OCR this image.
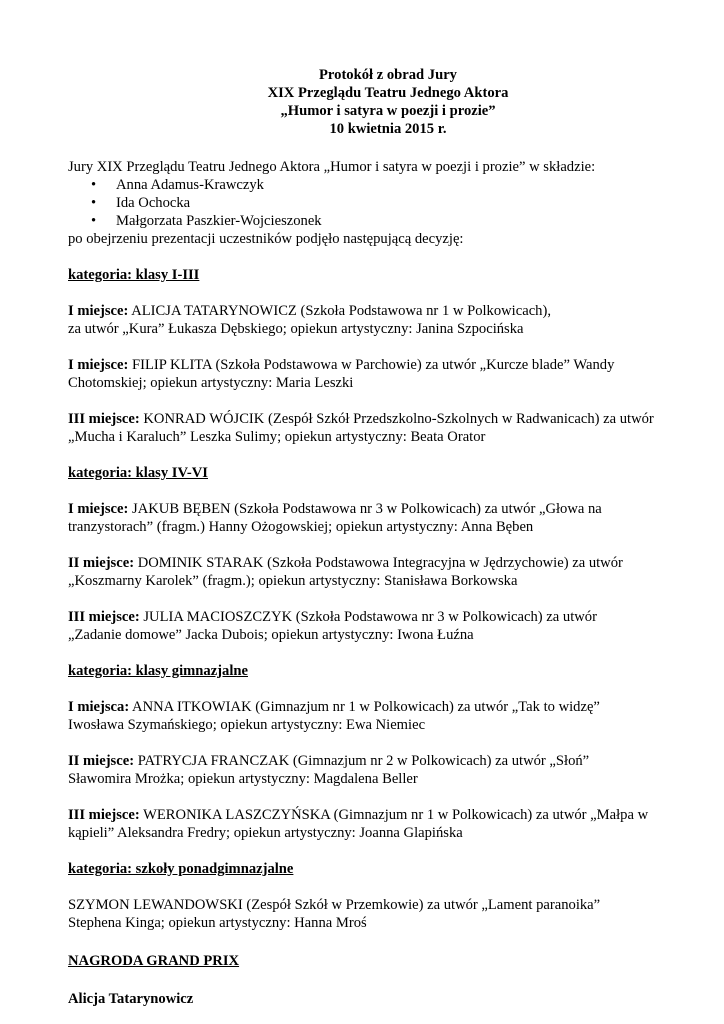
Protokół z obrad Jury
XIX Przeglądu Teatru Jednego Aktora
„Humor i satyra w poezji i prozie”
10 kwietnia 2015 r.
Jury XIX Przeglądu Teatru Jednego Aktora „Humor i satyra w poezji i prozie” w składzie:
• Anna Adamus-Krawczyk
• Ida Ochocka
• Małgorzata Paszkier-Wojcieszonek
po obejrzeniu prezentacji uczestników podjęło następującą decyzję:
kategoria: klasy I-III
I miejsce: ALICJA TATARYNOWICZ (Szkoła Podstawowa nr 1 w Polkowicach),
za utwór „Kura” Łukasza Dębskiego; opiekun artystyczny: Janina Szpocińska
I miejsce: FILIP KLITA (Szkoła Podstawowa w Parchowie) za utwór „Kurcze blade” Wandy
Chotomskiej; opiekun artystyczny: Maria Leszki
III miejsce: KONRAD WÓJCIK (Zespół Szkół Przedszkolno-Szkolnych w Radwanicach) za utwór
„Mucha i Karaluch” Leszka Sulimy; opiekun artystyczny: Beata Orator
kategoria: klasy IV-VI
I miejsce: JAKUB BĘBEN (Szkoła Podstawowa nr 3 w Polkowicach) za utwór „Głowa na
tranzystorach” (fragm.) Hanny Ożogowskiej; opiekun artystyczny: Anna Bęben
II miejsce: DOMINIK STARAK (Szkoła Podstawowa Integracyjna w Jędrzychowie) za utwór
„Koszmarny Karolek” (fragm.); opiekun artystyczny: Stanisława Borkowska
III miejsce: JULIA MACIOSZCZYK (Szkoła Podstawowa nr 3 w Polkowicach) za utwór
„Zadanie domowe” Jacka Dubois; opiekun artystyczny: Iwona Łuźna
kategoria: klasy gimnazjalne
I miejsca: ANNA ITKOWIAK (Gimnazjum nr 1 w Polkowicach) za utwór „Tak to widzę”
Iwosława Szymańskiego; opiekun artystyczny: Ewa Niemiec
II miejsce: PATRYCJA FRANCZAK (Gimnazjum nr 2 w Polkowicach) za utwór „Słoń”
Sławomira Mrożka; opiekun artystyczny: Magdalena Beller
III miejsce: WERONIKA LASZCZYŃSKA (Gimnazjum nr 1 w Polkowicach) za utwór „Małpa w
kąpieli” Aleksandra Fredry; opiekun artystyczny: Joanna Glapińska
kategoria: szkoły ponadgimnazjalne
SZYMON LEWANDOWSKI (Zespół Szkół w Przemkowie) za utwór „Lament paranoika”
Stephena Kinga; opiekun artystyczny: Hanna Mroś
NAGRODA GRAND PRIX
Alicja Tatarynowicz
